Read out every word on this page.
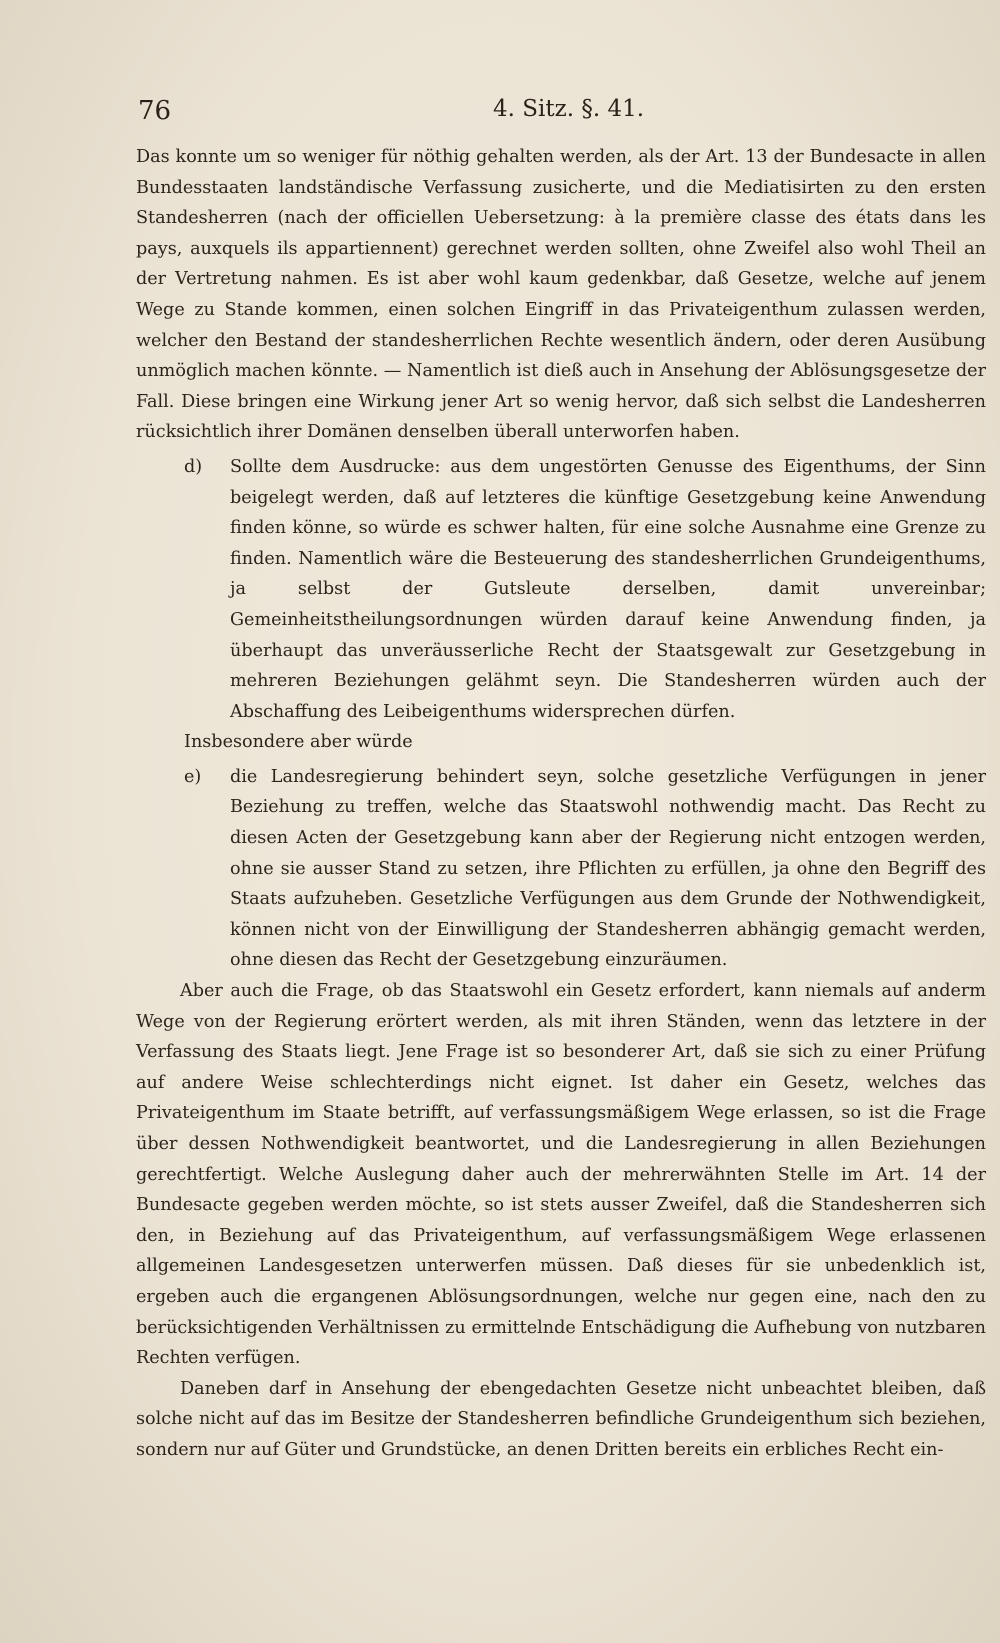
76	4. Sitz. §. 41.

Das konnte um so weniger für nöthig gehalten werden, als der Art. 13 der Bundesacte in allen Bundesstaaten landständische Verfassung zusicherte, und die Mediatisirten zu den ersten Standesherren (nach der officiellen Uebersetzung: à la première classe des états dans les pays, auxquels ils appartiennent) gerechnet werden sollten, ohne Zweifel also wohl Theil an der Vertretung nahmen. Es ist aber wohl kaum gedenkbar, daß Gesetze, welche auf jenem Wege zu Stande kommen, einen solchen Eingriff in das Privateigenthum zulassen werden, welcher den Bestand der standesherrlichen Rechte wesentlich ändern, oder deren Ausübung unmöglich machen könnte. — Namentlich ist dieß auch in Ansehung der Ablösungsgesetze der Fall. Diese bringen eine Wirkung jener Art so wenig hervor, daß sich selbst die Landesherren rücksichtlich ihrer Domänen denselben überall unterworfen haben.

d)	Sollte dem Ausdrucke: aus dem ungestörten Genusse des Eigenthums, der Sinn beigelegt werden, daß auf letzteres die künftige Gesetzgebung keine Anwendung finden könne, so würde es schwer halten, für eine solche Ausnahme eine Grenze zu finden. Namentlich wäre die Besteuerung des standesherrlichen Grundeigenthums, ja selbst der Gutsleute derselben, damit unvereinbar; Gemeinheitstheilungsordnungen würden darauf keine Anwendung finden, ja überhaupt das unveräusserliche Recht der Staatsgewalt zur Gesetzgebung in mehreren Beziehungen gelähmt seyn. Die Standesherren würden auch der Abschaffung des Leibeigenthums widersprechen dürfen.

Insbesondere aber würde

e)	die Landesregierung behindert seyn, solche gesetzliche Verfügungen in jener Beziehung zu treffen, welche das Staatswohl nothwendig macht. Das Recht zu diesen Acten der Gesetzgebung kann aber der Regierung nicht entzogen werden, ohne sie ausser Stand zu setzen, ihre Pflichten zu erfüllen, ja ohne den Begriff des Staats aufzuheben. Gesetzliche Verfügungen aus dem Grunde der Nothwendigkeit, können nicht von der Einwilligung der Standesherren abhängig gemacht werden, ohne diesen das Recht der Gesetzgebung einzuräumen.

Aber auch die Frage, ob das Staatswohl ein Gesetz erfordert, kann niemals auf anderm Wege von der Regierung erörtert werden, als mit ihren Ständen, wenn das letztere in der Verfassung des Staats liegt. Jene Frage ist so besonderer Art, daß sie sich zu einer Prüfung auf andere Weise schlechterdings nicht eignet. Ist daher ein Gesetz, welches das Privateigenthum im Staate betrifft, auf verfassungsmäßigem Wege erlassen, so ist die Frage über dessen Nothwendigkeit beantwortet, und die Landesregierung in allen Beziehungen gerechtfertigt. Welche Auslegung daher auch der mehrerwähnten Stelle im Art. 14 der Bundesacte gegeben werden möchte, so ist stets ausser Zweifel, daß die Standesherren sich den, in Beziehung auf das Privateigenthum, auf verfassungsmäßigem Wege erlassenen allgemeinen Landesgesetzen unterwerfen müssen. Daß dieses für sie unbedenklich ist, ergeben auch die ergangenen Ablösungsordnungen, welche nur gegen eine, nach den zu berücksichtigenden Verhältnissen zu ermittelnde Entschädigung die Aufhebung von nutzbaren Rechten verfügen.

Daneben darf in Ansehung der ebengedachten Gesetze nicht unbeachtet bleiben, daß solche nicht auf das im Besitze der Standesherren befindliche Grundeigenthum sich beziehen, sondern nur auf Güter und Grundstücke, an denen Dritten bereits ein erbliches Recht ein-
